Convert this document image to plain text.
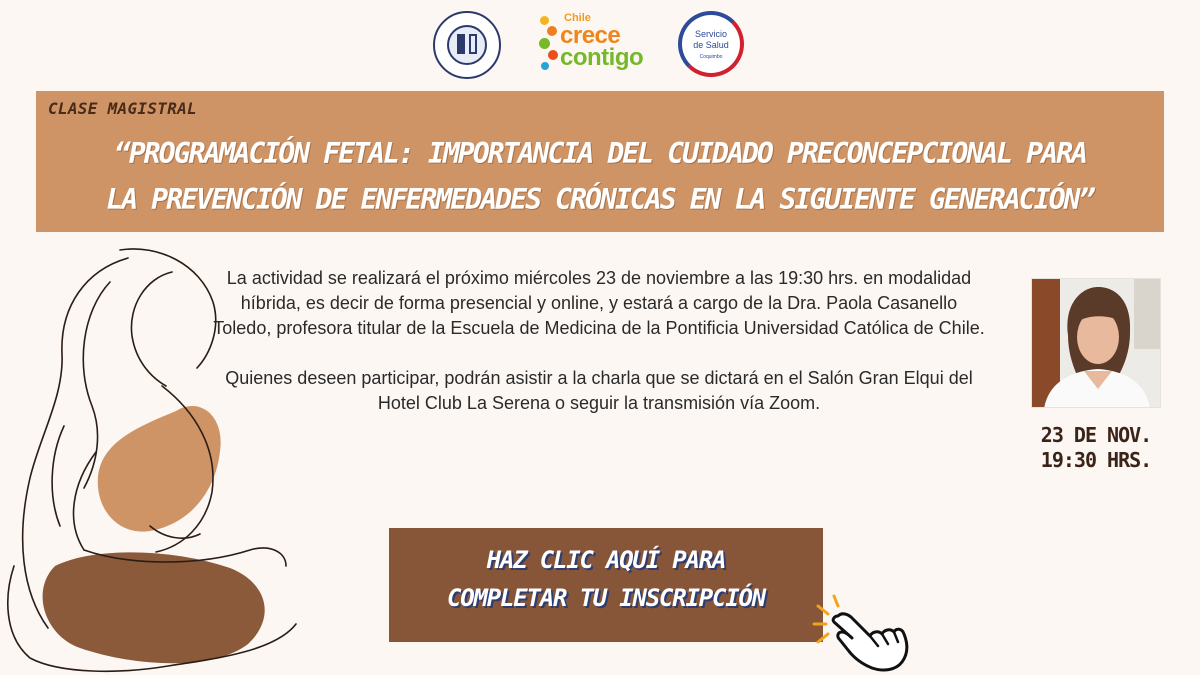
Chile
crece
contigo
Servicio
de Salud
Coquimbo
CLASE MAGISTRAL
“PROGRAMACIÓN FETAL: IMPORTANCIA DEL CUIDADO PRECONCEPCIONAL PARA
LA PREVENCIÓN DE ENFERMEDADES CRÓNICAS EN LA SIGUIENTE GENERACIÓN”

La actividad se realizará el próximo miércoles 23 de noviembre a las 19:30 hrs. en modalidad híbrida, es decir de forma presencial y online, y estará a cargo de la Dra. Paola Casanello Toledo, profesora titular de la Escuela de Medicina de la Pontificia Universidad Católica de Chile.

Quienes deseen participar, podrán asistir a la charla que se dictará en el Salón Gran Elqui del Hotel Club La Serena o seguir la transmisión vía Zoom.

23 DE NOV.
19:30 HRS.
HAZ CLIC AQUÍ PARA
COMPLETAR TU INSCRIPCIÓN
